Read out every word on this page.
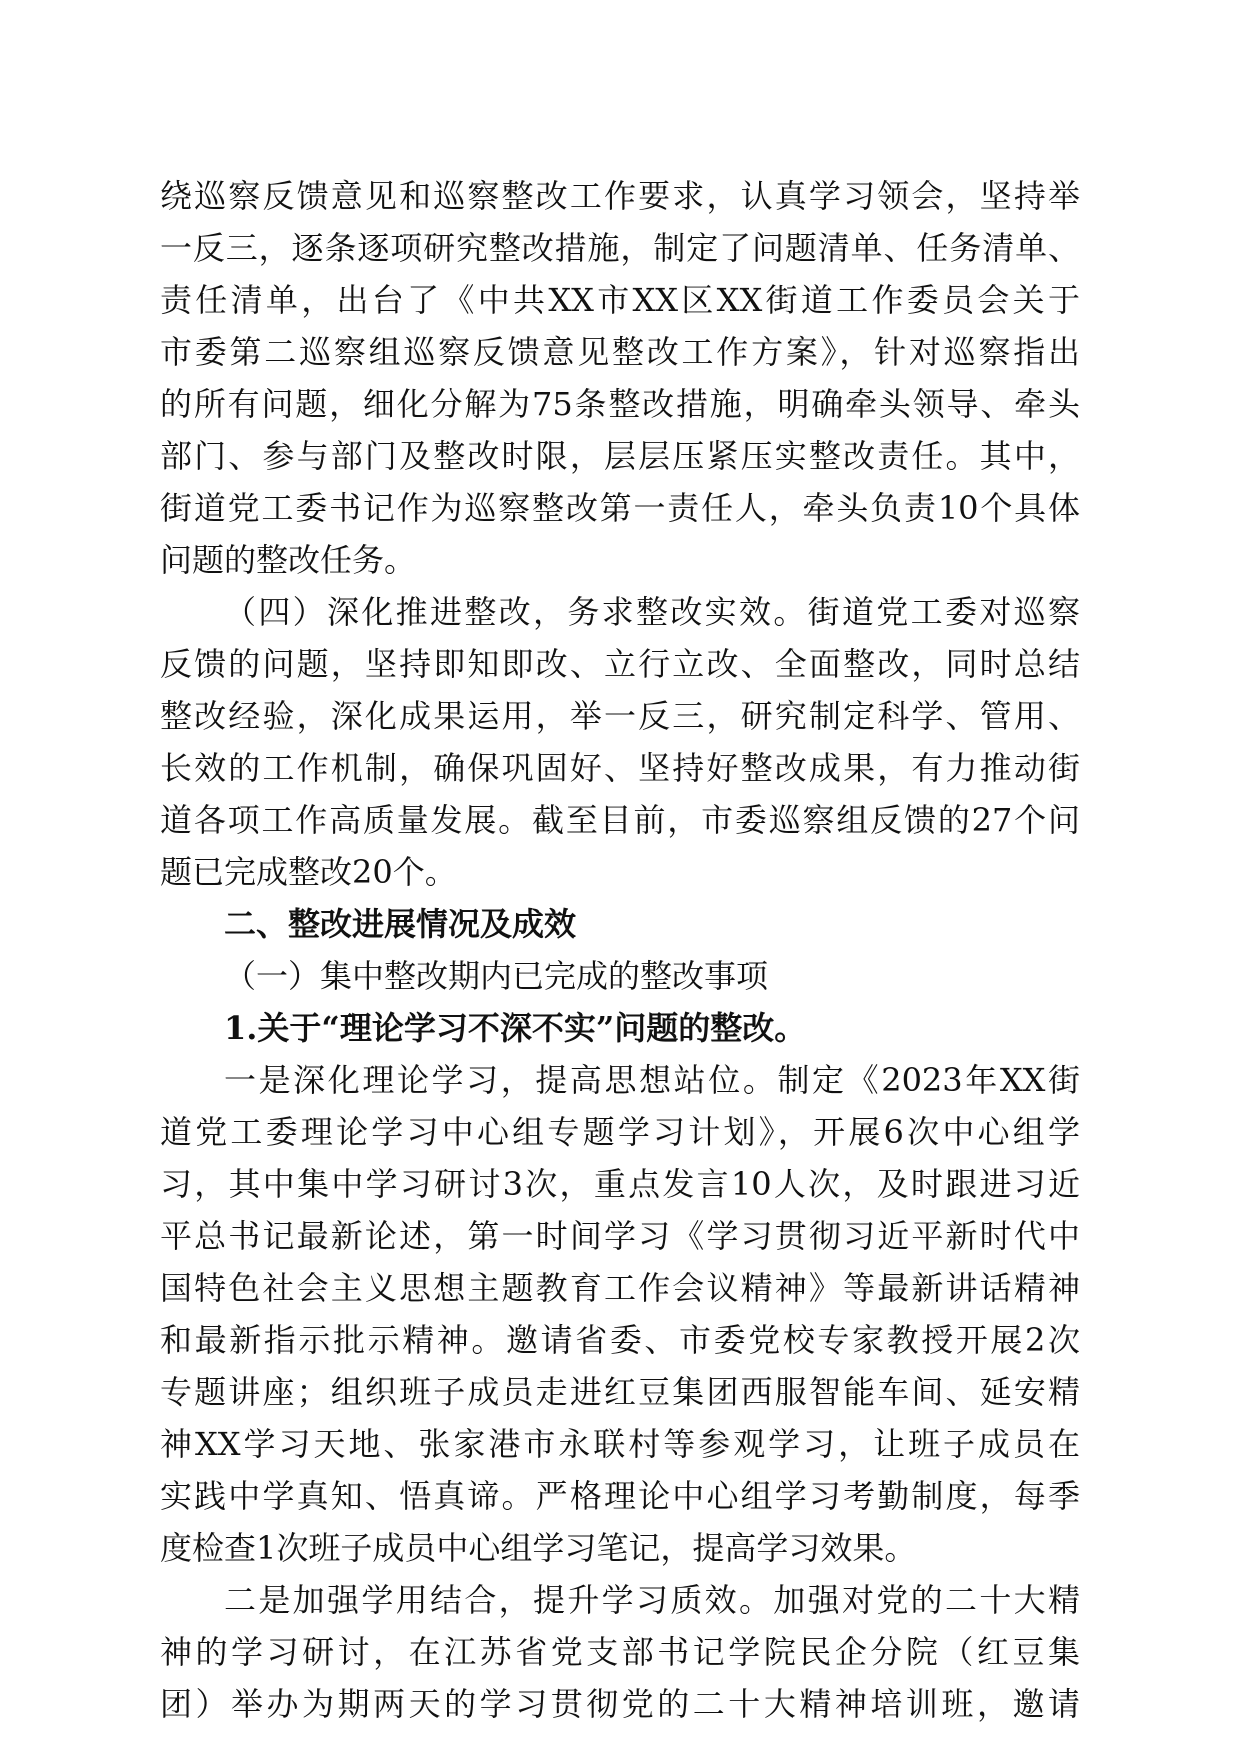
绕巡察反馈意见和巡察整改工作要求，认真学习领会，坚持举
一反三，逐条逐项研究整改措施，制定了问题清单、任务清单、
责任清单，出台了《中共XX市XX区XX街道工作委员会关于
市委第二巡察组巡察反馈意见整改工作方案》，针对巡察指出
的所有问题，细化分解为75条整改措施，明确牵头领导、牵头
部门、参与部门及整改时限，层层压紧压实整改责任。其中，
街道党工委书记作为巡察整改第一责任人，牵头负责10个具体
问题的整改任务。
（四）深化推进整改，务求整改实效。街道党工委对巡察
反馈的问题，坚持即知即改、立行立改、全面整改，同时总结
整改经验，深化成果运用，举一反三，研究制定科学、管用、
长效的工作机制，确保巩固好、坚持好整改成果，有力推动街
道各项工作高质量发展。截至目前，市委巡察组反馈的27个问
题已完成整改20个。
二、整改进展情况及成效
（一）集中整改期内已完成的整改事项
1.关于“理论学习不深不实”问题的整改。
一是深化理论学习，提高思想站位。制定《2023年XX街
道党工委理论学习中心组专题学习计划》，开展6次中心组学
习，其中集中学习研讨3次，重点发言10人次，及时跟进习近
平总书记最新论述，第一时间学习《学习贯彻习近平新时代中
国特色社会主义思想主题教育工作会议精神》等最新讲话精神
和最新指示批示精神。邀请省委、市委党校专家教授开展2次
专题讲座；组织班子成员走进红豆集团西服智能车间、延安精
神XX学习天地、张家港市永联村等参观学习，让班子成员在
实践中学真知、悟真谛。严格理论中心组学习考勤制度，每季
度检查1次班子成员中心组学习笔记，提高学习效果。
二是加强学用结合，提升学习质效。加强对党的二十大精
神的学习研讨，在江苏省党支部书记学院民企分院（红豆集
团）举办为期两天的学习贯彻党的二十大精神培训班，邀请
